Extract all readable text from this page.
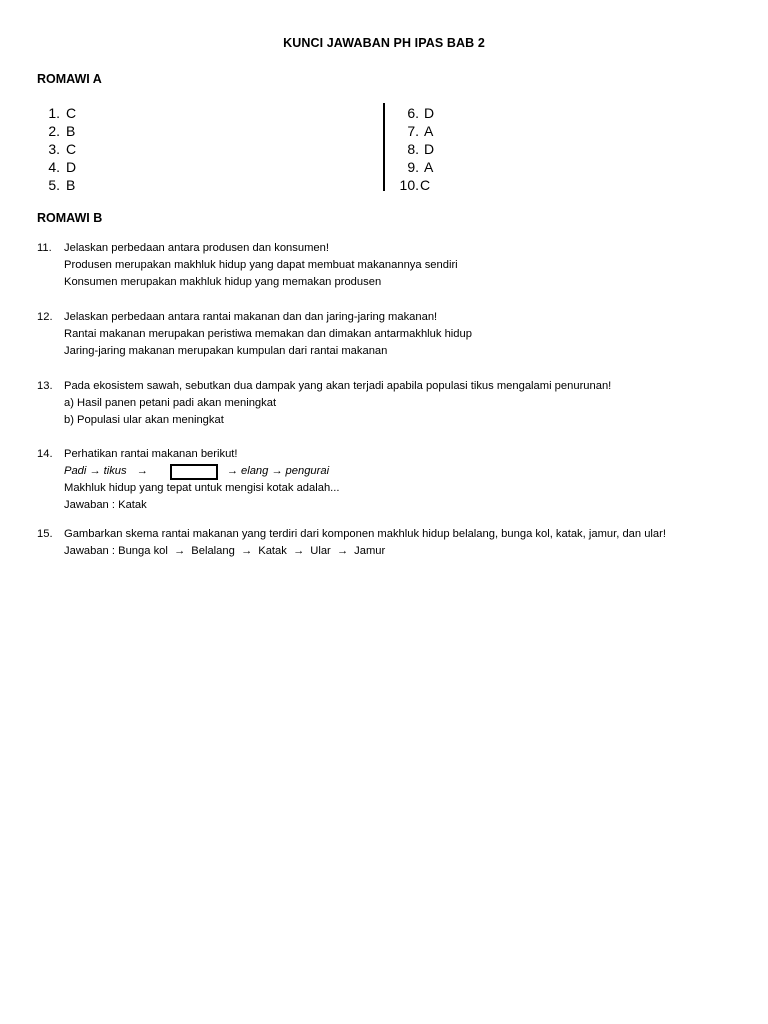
KUNCI JAWABAN PH IPAS BAB 2
ROMAWI A
1. C
2. B
3. C
4. D
5. B
6. D
7. A
8. D
9. A
10. C
ROMAWI B
11.	Jelaskan perbedaan antara produsen dan konsumen!
Produsen merupakan makhluk hidup yang dapat membuat makanannya sendiri
Konsumen merupakan makhluk hidup yang memakan produsen
12.	Jelaskan perbedaan antara rantai makanan dan dan jaring-jaring makanan!
Rantai makanan merupakan peristiwa memakan dan dimakan antarmakhluk hidup
Jaring-jaring makanan merupakan kumpulan dari rantai makanan
13.	Pada ekosistem sawah, sebutkan dua dampak yang akan terjadi apabila populasi tikus mengalami penurunan!
a) Hasil panen petani padi akan meningkat
b) Populasi ular akan meningkat
14.	Perhatikan rantai makanan berikut!
Padi → tikus →	→ elang → pengurai
Makhluk hidup yang tepat untuk mengisi kotak adalah...
Jawaban : Katak
15.	Gambarkan skema rantai makanan yang terdiri dari komponen makhluk hidup belalang, bunga kol, katak, jamur, dan ular!
Jawaban : Bunga kol → Belalang → Katak → Ular → Jamur
